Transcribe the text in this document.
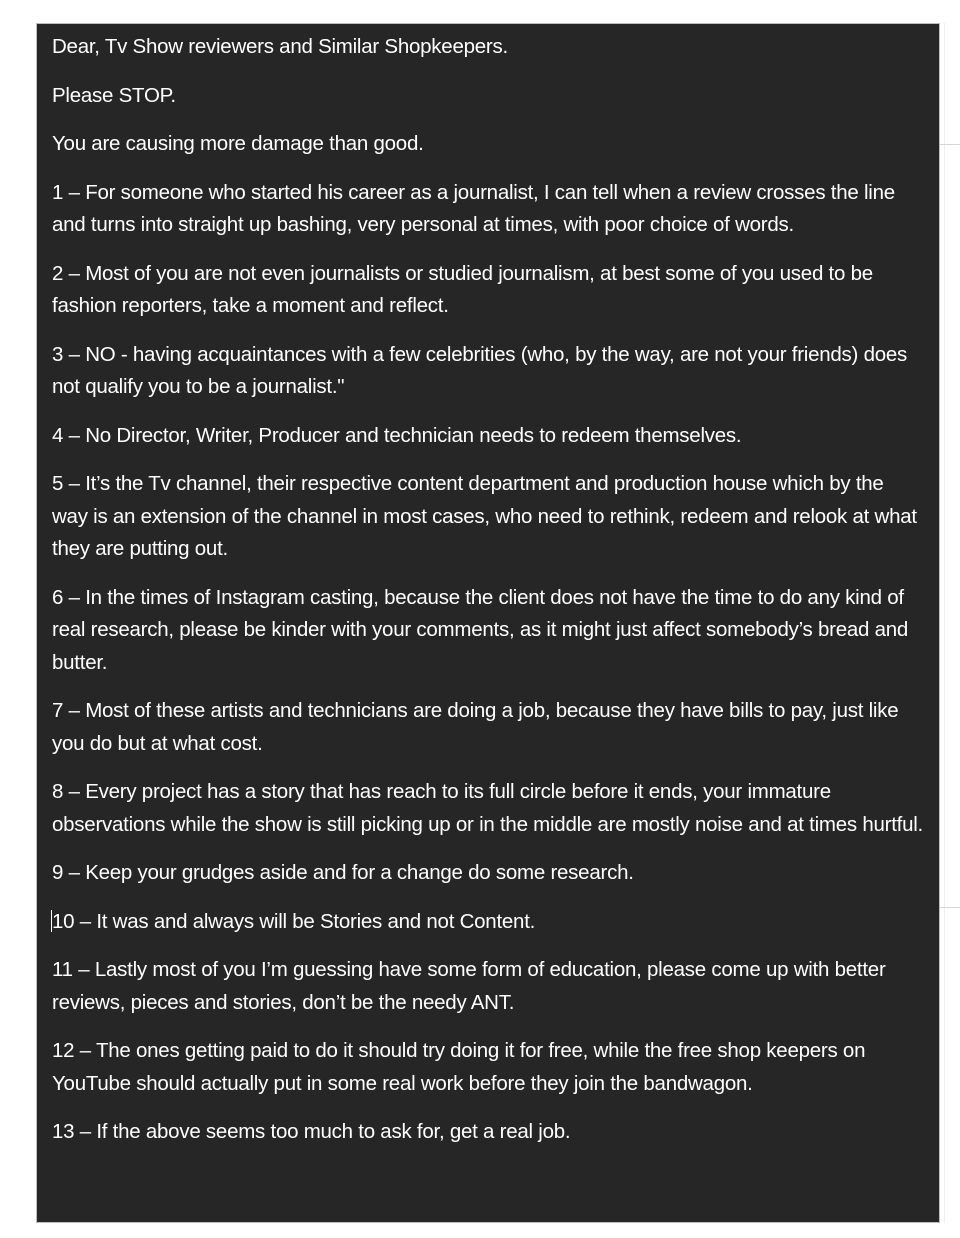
Dear, Tv Show reviewers and Similar Shopkeepers.

Please STOP.

You are causing more damage than good.

1 – For someone who started his career as a journalist, I can tell when a review crosses the line and turns into straight up bashing, very personal at times, with poor choice of words.

2 – Most of you are not even journalists or studied journalism, at best some of you used to be fashion reporters, take a moment and reflect.

3 – NO - having acquaintances with a few celebrities (who, by the way, are not your friends) does not qualify you to be a journalist."

4 – No Director, Writer, Producer and technician needs to redeem themselves.

5 – It’s the Tv channel, their respective content department and production house which by the way is an extension of the channel in most cases, who need to rethink, redeem and relook at what they are putting out.

6 – In the times of Instagram casting, because the client does not have the time to do any kind of real research, please be kinder with your comments, as it might just affect somebody’s bread and butter.

7 – Most of these artists and technicians are doing a job, because they have bills to pay, just like you do but at what cost.

8 – Every project has a story that has reach to its full circle before it ends, your immature observations while the show is still picking up or in the middle are mostly noise and at times hurtful.

9 – Keep your grudges aside and for a change do some research.

10 – It was and always will be Stories and not Content.

11 – Lastly most of you I’m guessing have some form of education, please come up with better reviews, pieces and stories, don’t be the needy ANT.

12 – The ones getting paid to do it should try doing it for free, while the free shop keepers on YouTube should actually put in some real work before they join the bandwagon.

13 – If the above seems too much to ask for, get a real job.
